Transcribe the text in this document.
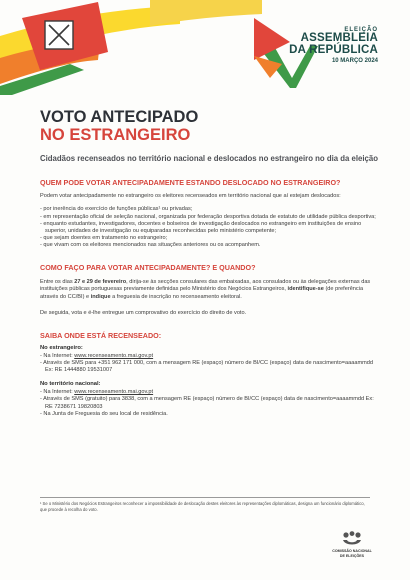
ELEIÇÃO
ASSEMBLEIA
DA REPÚBLICA
10 MARÇO 2024
VOTO ANTECIPADO
NO ESTRANGEIRO
Cidadãos recenseados no território nacional e deslocados no estrangeiro no dia da eleição
QUEM PODE VOTAR ANTECIPADAMENTE ESTANDO DESLOCADO NO ESTRANGEIRO?

Podem votar antecipadamente no estrangeiro os eleitores recenseados em território nacional que aí estejam deslocados:

- por inerência do exercício de funções públicas¹ ou privadas;
- em representação oficial de seleção nacional, organizada por federação desportiva dotada de estatuto de utilidade pública desportiva;
- enquanto estudantes, investigadores, docentes e bolseiros de investigação deslocados no estrangeiro em instituições de ensino superior, unidades de investigação ou equiparadas reconhecidas pelo ministério competente;
- que sejam doentes em tratamento no estrangeiro;
- que vivam com os eleitores mencionados nas situações anteriores ou os acompanhem.
COMO FAÇO PARA VOTAR ANTECIPADAMENTE? E QUANDO?

Entre os dias 27 e 29 de fevereiro, dirija-se às secções consulares das embaixadas, aos consulados ou às delegações externas das instituições públicas portuguesas previamente definidas pelo Ministério dos Negócios Estrangeiros, identifique-se (de preferência através do CC/BI) e indique a freguesia de inscrição no recenseamento eleitoral.

De seguida, vota e é-lhe entregue um comprovativo do exercício do direito de voto.

SAIBA ONDE ESTÁ RECENSEADO:
No estrangeiro:
- Na Internet: www.recenseamento.mai.gov.pt
- Através de SMS para +351 962 171 000, com a mensagem RE (espaço) número de BI/CC (espaço) data de nascimento=aaaammdd Ex: RE 1444880 19531007
No território nacional:
- Na Internet: www.recenseamento.mai.gov.pt
- Através de SMS (gratuito) para 3838, com a mensagem RE (espaço) número de BI/CC (espaço) data de nascimento=aaaammdd Ex: RE 7238671 19820803
- Na Junta de Freguesia do seu local de residência.
¹ Se o Ministério dos Negócios Estrangeiros reconhecer a impossibilidade de deslocação destes eleitores às representações diplomáticas, designa um funcionário diplomático, que procede à recolha do voto.
COMISSÃO NACIONAL
DE ELEIÇÕES
